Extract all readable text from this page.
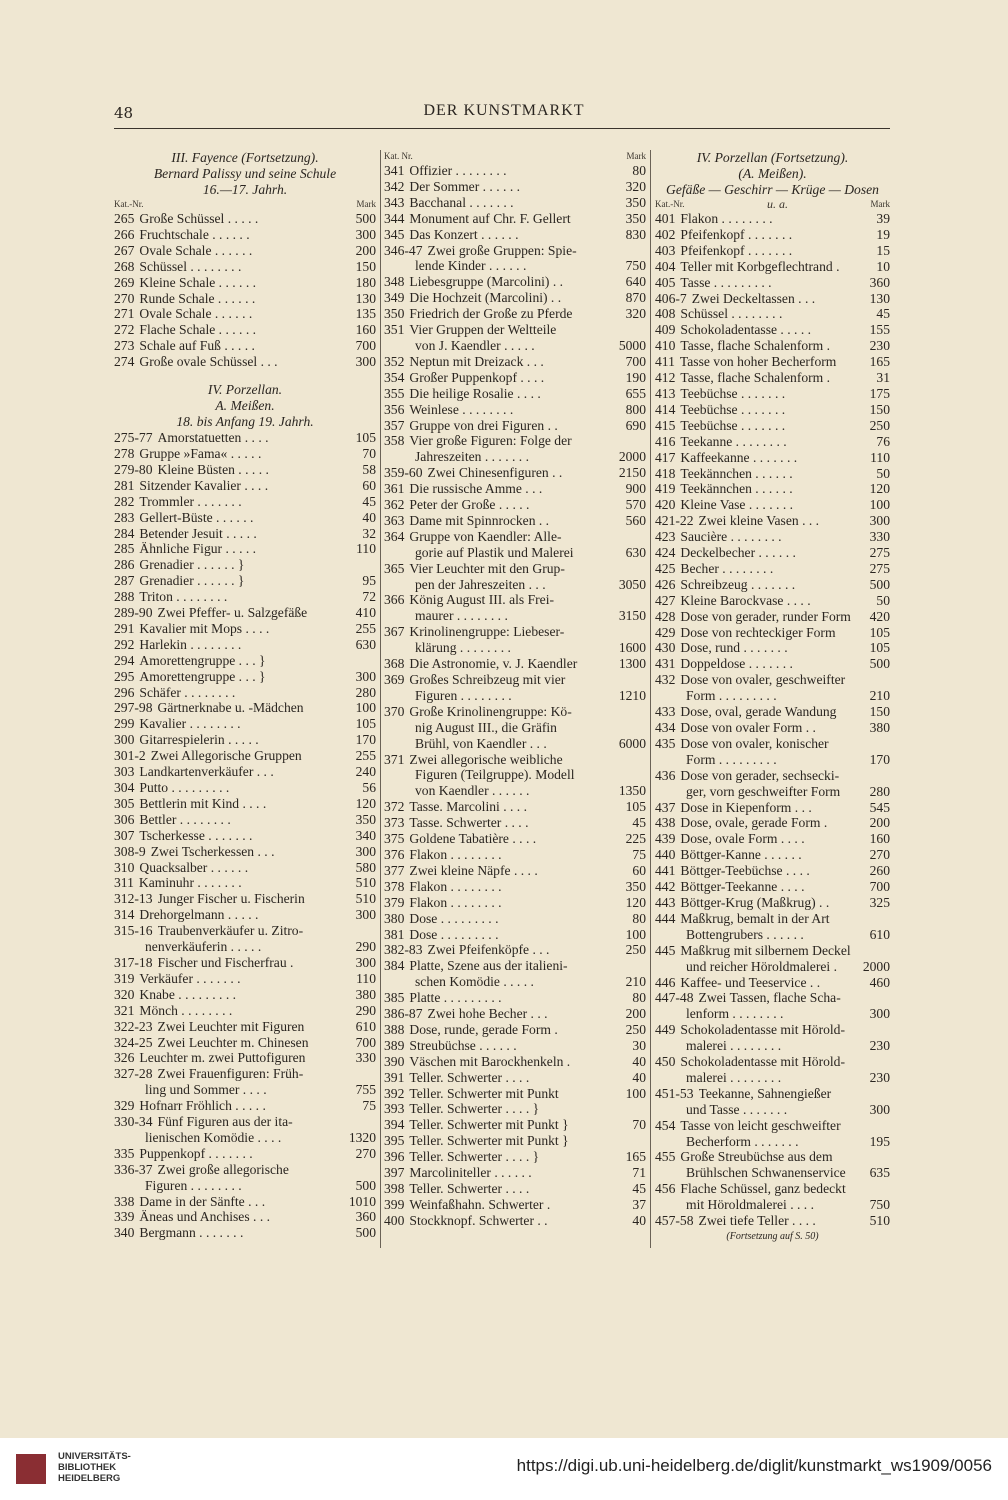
48	DER KUNSTMARKT
III. Fayence (Fortsetzung).
Bernard Palissy und seine Schule
16.—17. Jahrh.
Kat.-Nr.	Mark
265 Große Schüssel . . . . .	500
266 Fruchtschale . . . . . .	300
267 Ovale Schale . . . . . .	200
268 Schüssel . . . . . . . .	150
269 Kleine Schale . . . . . .	180
270 Runde Schale . . . . . .	130
271 Ovale Schale . . . . . .	135
272 Flache Schale . . . . . .	160
273 Schale auf Fuß . . . . .	700
274 Große ovale Schüssel . . .	300
IV. Porzellan.
A. Meißen.
18. bis Anfang 19. Jahrh.
275-77 Amorstatuetten . . . .	105
278 Gruppe »Fama« . . . . .	70
279-80 Kleine Büsten . . . . .	58
281 Sitzender Kavalier . . . .	60
282 Trommler . . . . . . .	45
283 Gellert-Büste . . . . . .	40
284 Betender Jesuit . . . . .	32
285 Ähnliche Figur . . . . .	110
286 Grenadier . . . . . . }
287 Grenadier . . . . . . }	95
288 Triton . . . . . . . .	72
289-90 Zwei Pfeffer- u. Salzgefäße	410
291 Kavalier mit Mops . . . .	255
292 Harlekin . . . . . . . .	630
294 Amorettengruppe . . . }
295 Amorettengruppe . . . }	300
296 Schäfer . . . . . . . .	280
297-98 Gärtnerknabe u. -Mädchen	100
299 Kavalier . . . . . . . .	105
300 Gitarrespielerin . . . . .	170
301-2 Zwei Allegorische Gruppen	255
303 Landkartenverkäufer . . .	240
304 Putto . . . . . . . . .	56
305 Bettlerin mit Kind . . . .	120
306 Bettler . . . . . . . .	350
307 Tscherkesse . . . . . . .	340
308-9 Zwei Tscherkessen . . .	300
310 Quacksalber . . . . . .	580
311 Kaminuhr . . . . . . .	510
312-13 Junger Fischer u. Fischerin	510
314 Drehorgelmann . . . . .	300
315-16 Traubenverkäufer u. Zitro-
nenverkäuferin . . . . .	290
317-18 Fischer und Fischerfrau .	300
319 Verkäufer . . . . . . .	110
320 Knabe . . . . . . . . .	380
321 Mönch . . . . . . . .	290
322-23 Zwei Leuchter mit Figuren	610
324-25 Zwei Leuchter m. Chinesen	700
326 Leuchter m. zwei Puttofiguren	330
327-28 Zwei Frauenfiguren: Früh-
ling und Sommer . . . .	755
329 Hofnarr Fröhlich . . . . .	75
330-34 Fünf Figuren aus der ita-
lienischen Komödie . . . .	1320
335 Puppenkopf . . . . . . .	270
336-37 Zwei große allegorische
Figuren . . . . . . . .	500
338 Dame in der Sänfte . . .	1010
339 Äneas und Anchises . . .	360
340 Bergmann . . . . . . .	500
Kat. Nr.	Mark
341 Offizier . . . . . . . .	80
342 Der Sommer . . . . . .	320
343 Bacchanal . . . . . . .	350
344 Monument auf Chr. F. Gellert	350
345 Das Konzert . . . . . .	830
346-47 Zwei große Gruppen: Spie-
lende Kinder . . . . . .	750
348 Liebesgruppe (Marcolini) . .	640
349 Die Hochzeit (Marcolini) . .	870
350 Friedrich der Große zu Pferde	320
351 Vier Gruppen der Weltteile
von J. Kaendler . . . . .	5000
352 Neptun mit Dreizack . . .	700
354 Großer Puppenkopf . . . .	190
355 Die heilige Rosalie . . . .	655
356 Weinlese . . . . . . . .	800
357 Gruppe von drei Figuren . .	690
358 Vier große Figuren: Folge der
Jahreszeiten . . . . . . .	2000
359-60 Zwei Chinesenfiguren . .	2150
361 Die russische Amme . . .	900
362 Peter der Große . . . . .	570
363 Dame mit Spinnrocken . .	560
364 Gruppe von Kaendler: Alle-
gorie auf Plastik und Malerei	630
365 Vier Leuchter mit den Grup-
pen der Jahreszeiten . . .	3050
366 König August III. als Frei-
maurer . . . . . . . .	3150
367 Krinolinengruppe: Liebeser-
klärung . . . . . . . .	1600
368 Die Astronomie, v. J. Kaendler	1300
369 Großes Schreibzeug mit vier
Figuren . . . . . . . .	1210
370 Große Krinolinengruppe: Kö-
nig August III., die Gräfin
Brühl, von Kaendler . . .	6000
371 Zwei allegorische weibliche
Figuren (Teilgruppe). Modell
von Kaendler . . . . . .	1350
372 Tasse. Marcolini . . . .	105
373 Tasse. Schwerter . . . .	45
375 Goldene Tabatière . . . .	225
376 Flakon . . . . . . . .	75
377 Zwei kleine Näpfe . . . .	60
378 Flakon . . . . . . . .	350
379 Flakon . . . . . . . .	120
380 Dose . . . . . . . . .	80
381 Dose . . . . . . . . .	100
382-83 Zwei Pfeifenköpfe . . .	250
384 Platte, Szene aus der italieni-
schen Komödie . . . . .	210
385 Platte . . . . . . . . .	80
386-87 Zwei hohe Becher . . .	200
388 Dose, runde, gerade Form .	250
389 Streubüchse . . . . . .	30
390 Väschen mit Barockhenkeln .	40
391 Teller. Schwerter . . . .	40
392 Teller. Schwerter mit Punkt	100
393 Teller. Schwerter . . . . }
394 Teller. Schwerter mit Punkt }	70
395 Teller. Schwerter mit Punkt }
396 Teller. Schwerter . . . . }	165
397 Marcoliniteller . . . . . .	71
398 Teller. Schwerter . . . .	45
399 Weinfaßhahn. Schwerter .	37
400 Stockknopf. Schwerter . .	40
IV. Porzellan (Fortsetzung).
(A. Meißen).
Gefäße — Geschirr — Krüge — Dosen
Kat.-Nr.	u. a.	Mark
401 Flakon . . . . . . . .	39
402 Pfeifenkopf . . . . . . .	19
403 Pfeifenkopf . . . . . . .	15
404 Teller mit Korbgeflechtrand .	10
405 Tasse . . . . . . . . .	360
406-7 Zwei Deckeltassen . . .	130
408 Schüssel . . . . . . . .	45
409 Schokoladentasse . . . . .	155
410 Tasse, flache Schalenform .	230
411 Tasse von hoher Becherform	165
412 Tasse, flache Schalenform .	31
413 Teebüchse . . . . . . .	175
414 Teebüchse . . . . . . .	150
415 Teebüchse . . . . . . .	250
416 Teekanne . . . . . . . .	76
417 Kaffeekanne . . . . . . .	110
418 Teekännchen . . . . . .	50
419 Teekännchen . . . . . .	120
420 Kleine Vase . . . . . . .	100
421-22 Zwei kleine Vasen . . .	300
423 Saucière . . . . . . . .	330
424 Deckelbecher . . . . . .	275
425 Becher . . . . . . . .	275
426 Schreibzeug . . . . . . .	500
427 Kleine Barockvase . . . .	50
428 Dose von gerader, runder Form	420
429 Dose von rechteckiger Form	105
430 Dose, rund . . . . . . .	105
431 Doppeldose . . . . . . .	500
432 Dose von ovaler, geschweifter
Form . . . . . . . . .	210
433 Dose, oval, gerade Wandung	150
434 Dose von ovaler Form . .	380
435 Dose von ovaler, konischer
Form . . . . . . . . .	170
436 Dose von gerader, sechsecki-
ger, vorn geschweifter Form	280
437 Dose in Kiepenform . . .	545
438 Dose, ovale, gerade Form .	200
439 Dose, ovale Form . . . .	160
440 Böttger-Kanne . . . . . .	270
441 Böttger-Teebüchse . . . .	260
442 Böttger-Teekanne . . . .	700
443 Böttger-Krug (Maßkrug) . .	325
444 Maßkrug, bemalt in der Art
Bottengrubers . . . . . .	610
445 Maßkrug mit silbernem Deckel
und reicher Höroldmalerei .	2000
446 Kaffee- und Teeservice . .	460
447-48 Zwei Tassen, flache Scha-
lenform . . . . . . . .	300
449 Schokoladentasse mit Hörold-
malerei . . . . . . . .	230
450 Schokoladentasse mit Hörold-
malerei . . . . . . . .	230
451-53 Teekanne, Sahnengießer
und Tasse . . . . . . .	300
454 Tasse von leicht geschweifter
Becherform . . . . . . .	195
455 Große Streubüchse aus dem
Brühlschen Schwanenservice	635
456 Flache Schüssel, ganz bedeckt
mit Höroldmalerei . . . .	750
457-58 Zwei tiefe Teller . . . .	510
(Fortsetzung auf S. 50)
UNIVERSITÄTS-
BIBLIOTHEK
HEIDELBERG
https://digi.ub.uni-heidelberg.de/diglit/kunstmarkt_ws1909/0056
